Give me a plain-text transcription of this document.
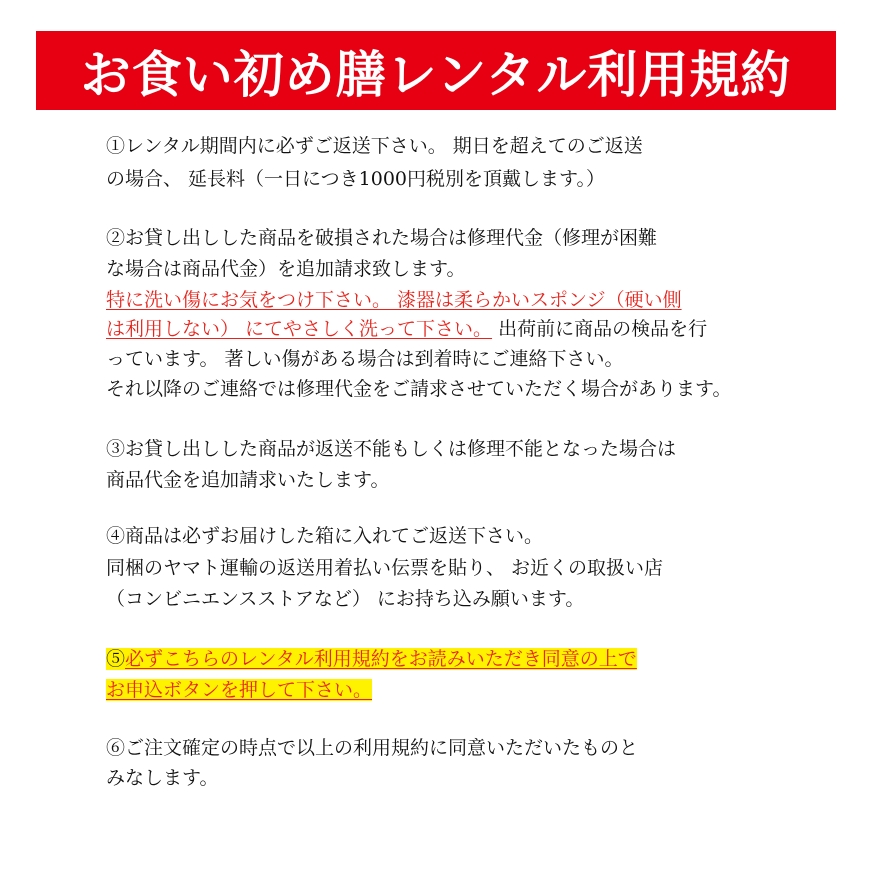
お食い初め膳レンタル利用規約
①レンタル期間内に必ずご返送下さい。 期日を超えてのご返送
の場合、 延長料（一日につき1000円税別を頂戴します。）
②お貸し出しした商品を破損された場合は修理代金（修理が困難
な場合は商品代金）を追加請求致します。
特に洗い傷にお気をつけ下さい。 漆器は柔らかいスポンジ（硬い側
は利用しない） にてやさしく洗って下さい。 出荷前に商品の検品を行
っています。 著しい傷がある場合は到着時にご連絡下さい。
それ以降のご連絡では修理代金をご請求させていただく場合があります。
③お貸し出しした商品が返送不能もしくは修理不能となった場合は
商品代金を追加請求いたします。
④商品は必ずお届けした箱に入れてご返送下さい。
同梱のヤマト運輸の返送用着払い伝票を貼り、 お近くの取扱い店
（コンビニエンスストアなど） にお持ち込み願います。
⑤必ずこちらのレンタル利用規約をお読みいただき同意の上で
お申込ボタンを押して下さい。
⑥ご注文確定の時点で以上の利用規約に同意いただいたものと
みなします。
